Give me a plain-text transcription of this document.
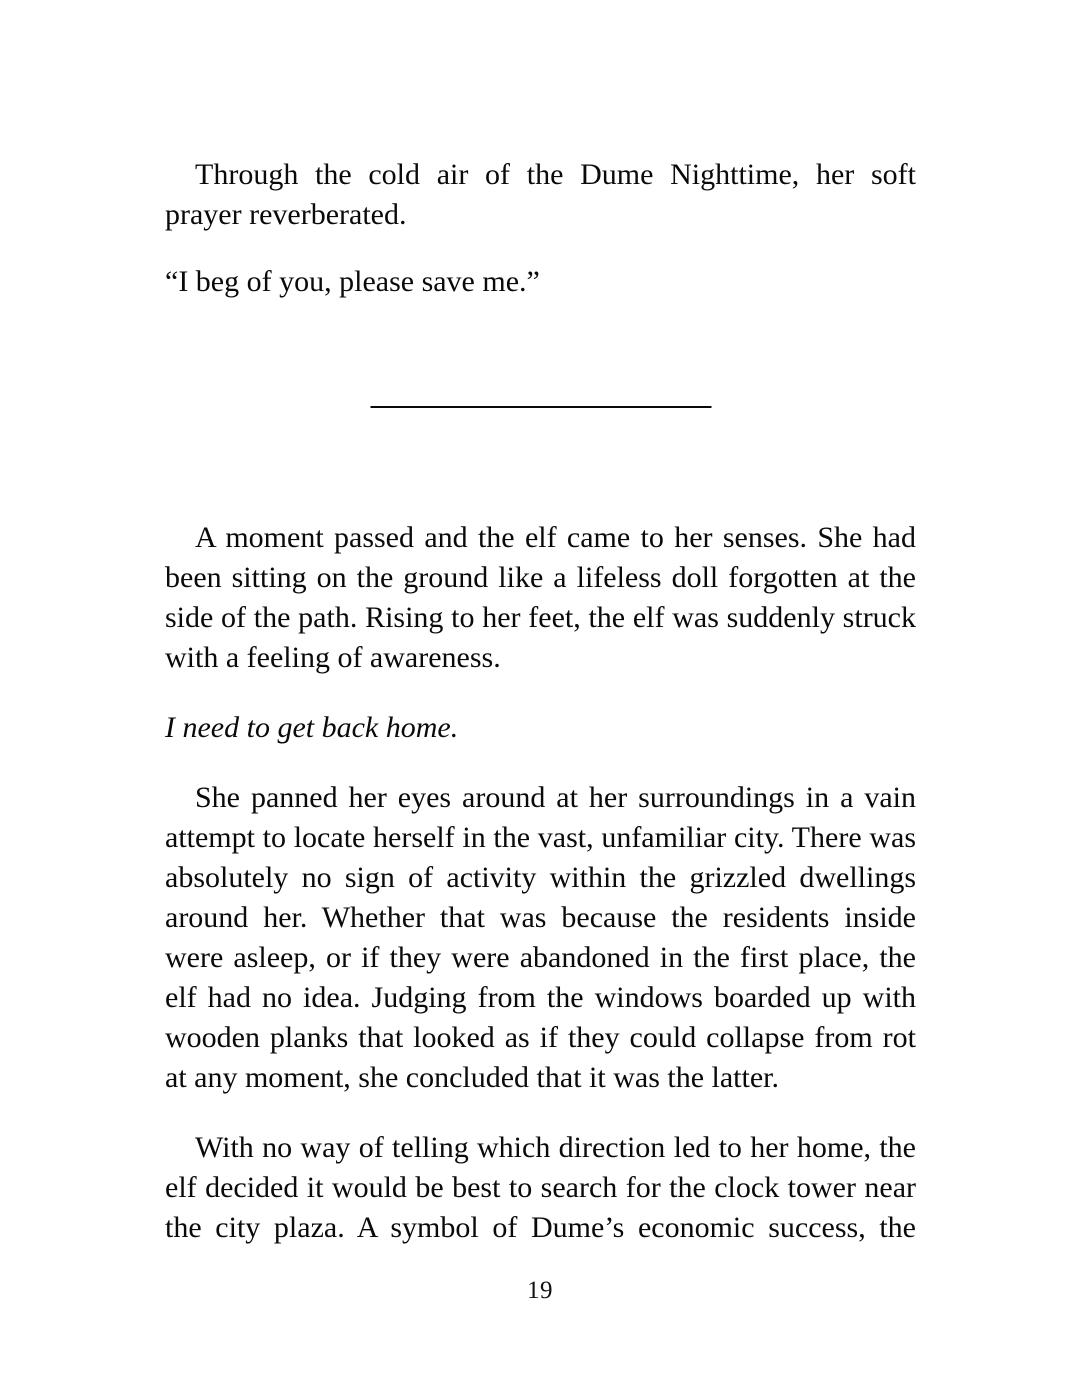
Through the cold air of the Dume Nighttime, her soft prayer reverberated.

“I beg of you, please save me.”

A moment passed and the elf came to her senses. She had been sitting on the ground like a lifeless doll forgotten at the side of the path. Rising to her feet, the elf was suddenly struck with a feeling of awareness.

I need to get back home.

She panned her eyes around at her surroundings in a vain attempt to locate herself in the vast, unfamiliar city. There was absolutely no sign of activity within the grizzled dwellings around her. Whether that was because the residents inside were asleep, or if they were abandoned in the first place, the elf had no idea. Judging from the windows boarded up with wooden planks that looked as if they could collapse from rot at any moment, she concluded that it was the latter.

With no way of telling which direction led to her home, the elf decided it would be best to search for the clock tower near the city plaza. A symbol of Dume’s economic success, the

19
